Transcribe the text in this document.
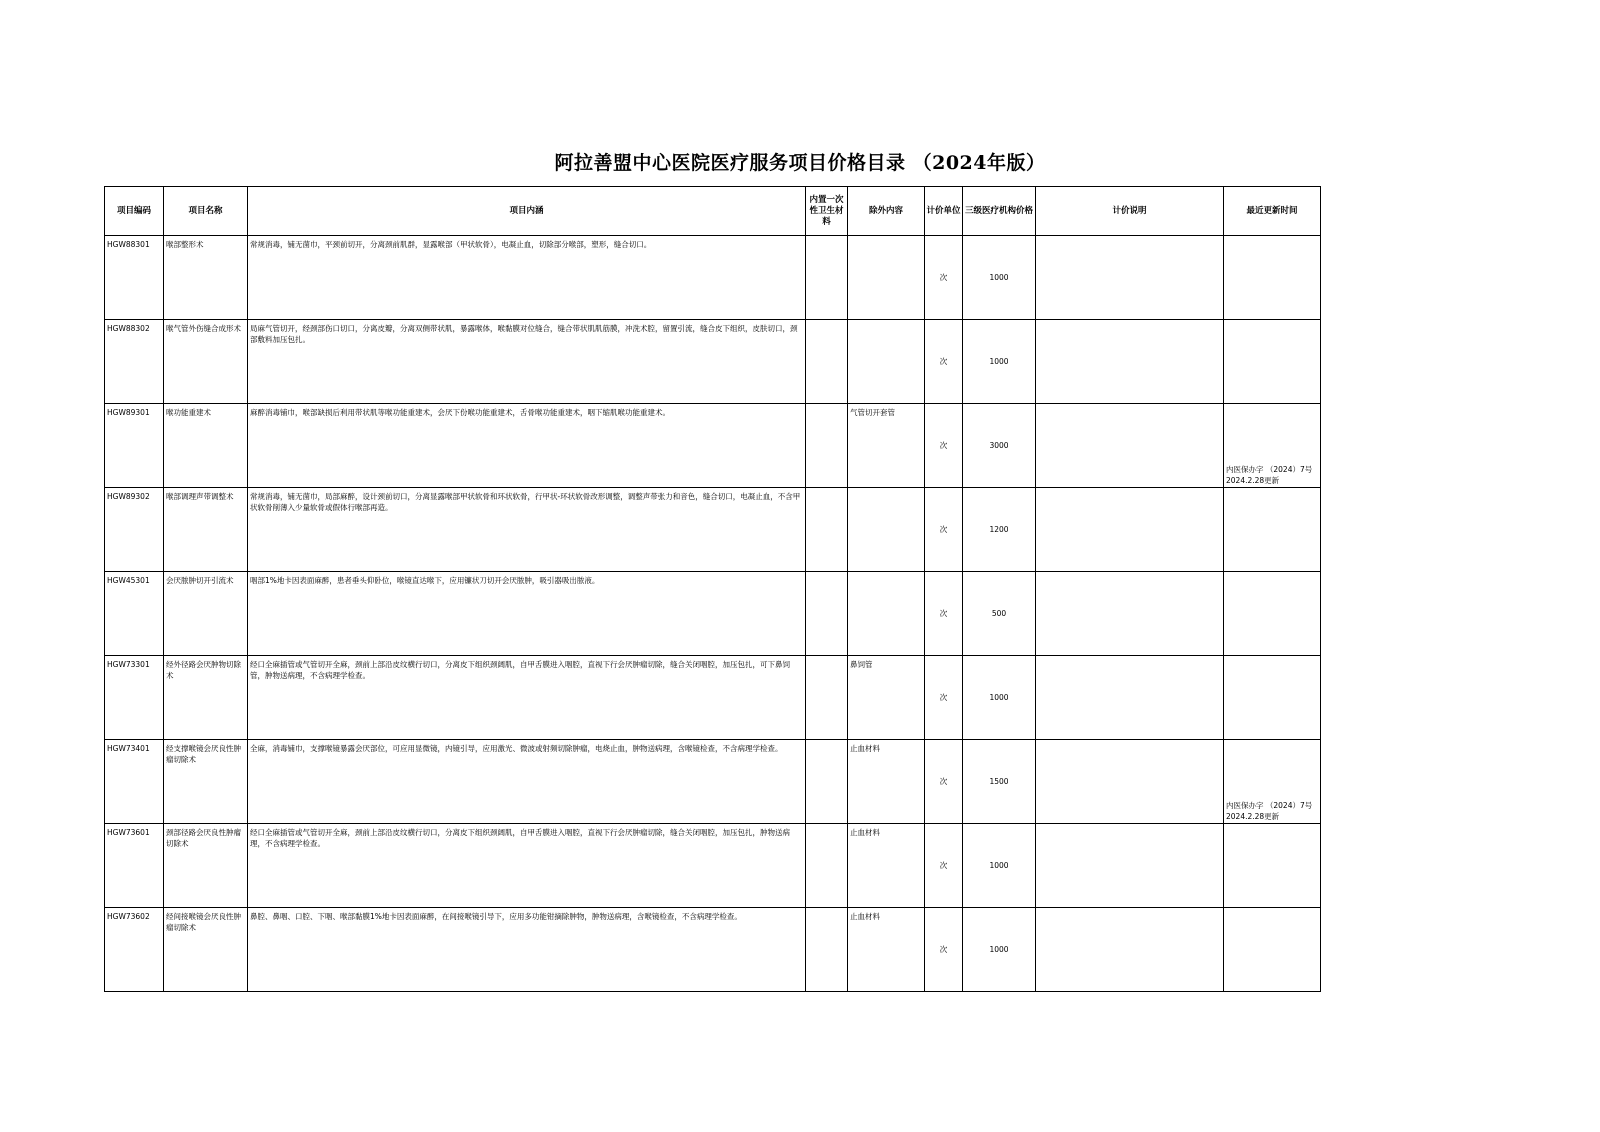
阿拉善盟中心医院医疗服务项目价格目录 （2024年版）
项目编码	项目名称	项目内涵	内置一次性卫生材料	除外内容	计价单位	三级医疗机构价格	计价说明	最近更新时间
HGW88301	喉部整形术	常规消毒，铺无菌巾，平颈前切开，分离颈前肌群，显露喉部（甲状软骨），电凝止血，切除部分喉部，塑形，缝合切口。			次	1000		
HGW88302	喉气管外伤缝合成形术	局麻气管切开，经颈部伤口切口，分离皮瓣，分离双侧带状肌，暴露喉体，喉黏膜对位缝合，缝合带状肌肌筋膜，冲洗术腔，留置引流，缝合皮下组织，皮肤切口，颈部敷料加压包扎。			次	1000		
HGW89301	喉功能重建术	麻醉消毒铺巾，喉部缺损后利用带状肌等喉功能重建术，会厌下份喉功能重建术，舌骨喉功能重建术，咽下缩肌喉功能重建术。		气管切开套管	次	3000		内医保办字 （2024）7号 2024.2.28更新
HGW89302	喉部调理声带调整术	常规消毒，铺无菌巾，局部麻醉，设计颈前切口，分离显露喉部甲状软骨和环状软骨，行甲状-环状软骨改形调整，调整声带张力和音色，缝合切口，电凝止血，不含甲状软骨削薄入少量软骨或假体行喉部再造。			次	1200		
HGW45301	会厌脓肿切开引流术	咽部1%地卡因表面麻醉，患者垂头仰卧位，喉镜直达喉下，应用镰状刀切开会厌脓肿，吸引器吸出脓液。			次	500		
HGW73301	经外径路会厌肿物切除术	经口全麻插管或气管切开全麻，颈前上部沿皮纹横行切口，分离皮下组织颈阔肌，自甲舌膜进入咽腔，直视下行会厌肿瘤切除，缝合关闭咽腔，加压包扎，可下鼻饲管，肿物送病理，不含病理学检查。		鼻饲管	次	1000		
HGW73401	经支撑喉镜会厌良性肿瘤切除术	全麻，消毒铺巾，支撑喉镜暴露会厌部位，可应用显微镜，内镜引导，应用激光、微波或射频切除肿瘤，电烧止血，肿物送病理，含喉镜检查，不含病理学检查。		止血材料	次	1500		内医保办字 （2024）7号 2024.2.28更新
HGW73601	颈部径路会厌良性肿瘤切除术	经口全麻插管或气管切开全麻，颈前上部沿皮纹横行切口，分离皮下组织颈阔肌，自甲舌膜进入咽腔，直视下行会厌肿瘤切除，缝合关闭咽腔，加压包扎，肿物送病理，不含病理学检查。		止血材料	次	1000		
HGW73602	经间接喉镜会厌良性肿瘤切除术	鼻腔、鼻咽、口腔、下咽、喉部黏膜1%地卡因表面麻醉，在间接喉镜引导下，应用多功能钳摘除肿物，肿物送病理，含喉镜检查，不含病理学检查。		止血材料	次	1000		
